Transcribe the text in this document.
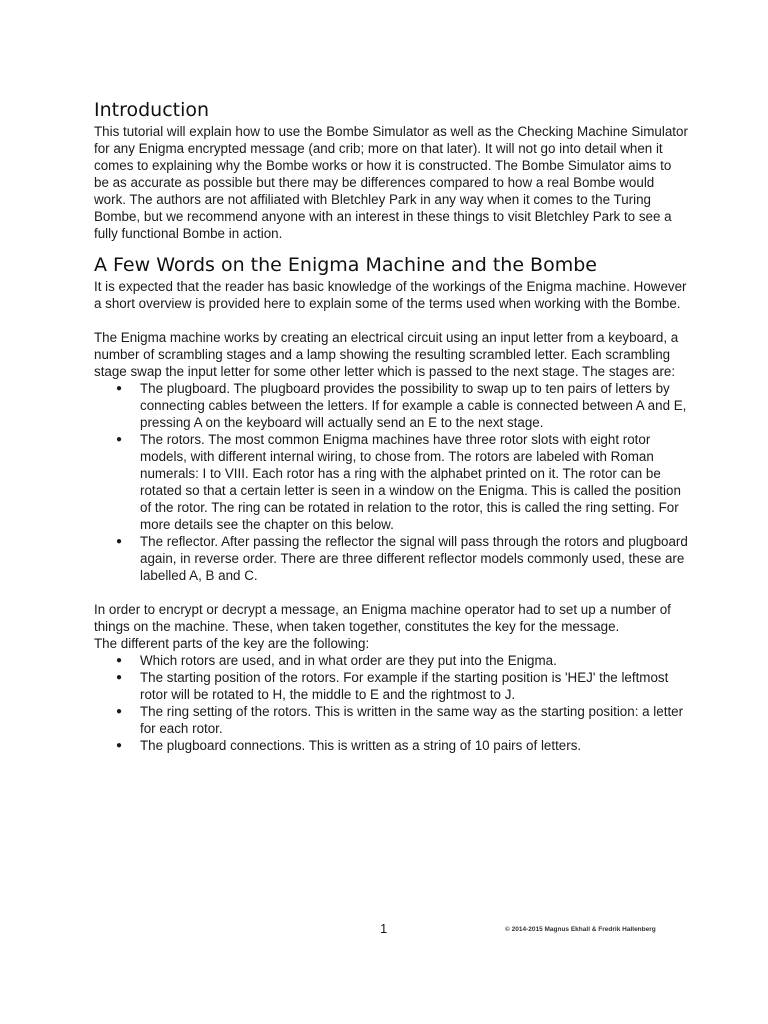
Introduction

This tutorial will explain how to use the Bombe Simulator as well as the Checking Machine Simulator for any Enigma encrypted message (and crib; more on that later). It will not go into detail when it comes to explaining why the Bombe works or how it is constructed. The Bombe Simulator aims to be as accurate as possible but there may be differences compared to how a real Bombe would work. The authors are not affiliated with Bletchley Park in any way when it comes to the Turing Bombe, but we recommend anyone with an interest in these things to visit Bletchley Park to see a fully functional Bombe in action.

A Few Words on the Enigma Machine and the Bombe

It is expected that the reader has basic knowledge of the workings of the Enigma machine. However a short overview is provided here to explain some of the terms used when working with the Bombe.

The Enigma machine works by creating an electrical circuit using an input letter from a keyboard, a number of scrambling stages and a lamp showing the resulting scrambled letter. Each scrambling stage swap the input letter for some other letter which is passed to the next stage. The stages are:

● The plugboard. The plugboard provides the possibility to swap up to ten pairs of letters by connecting cables between the letters. If for example a cable is connected between A and E, pressing A on the keyboard will actually send an E to the next stage.
● The rotors. The most common Enigma machines have three rotor slots with eight rotor models, with different internal wiring, to chose from. The rotors are labeled with Roman numerals: I to VIII. Each rotor has a ring with the alphabet printed on it. The rotor can be rotated so that a certain letter is seen in a window on the Enigma. This is called the position of the rotor. The ring can be rotated in relation to the rotor, this is called the ring setting. For more details see the chapter on this below.
● The reflector. After passing the reflector the signal will pass through the rotors and plugboard again, in reverse order. There are three different reflector models commonly used, these are labelled A, B and C.

In order to encrypt or decrypt a message, an Enigma machine operator had to set up a number of things on the machine. These, when taken together, constitutes the key for the message.

The different parts of the key are the following:

● Which rotors are used, and in what order are they put into the Enigma.
● The starting position of the rotors. For example if the starting position is 'HEJ' the leftmost rotor will be rotated to H, the middle to E and the rightmost to J.
● The ring setting of the rotors. This is written in the same way as the starting position: a letter for each rotor.
● The plugboard connections. This is written as a string of 10 pairs of letters.
1	© 2014-2015 Magnus Ekhall & Fredrik Hallenberg
